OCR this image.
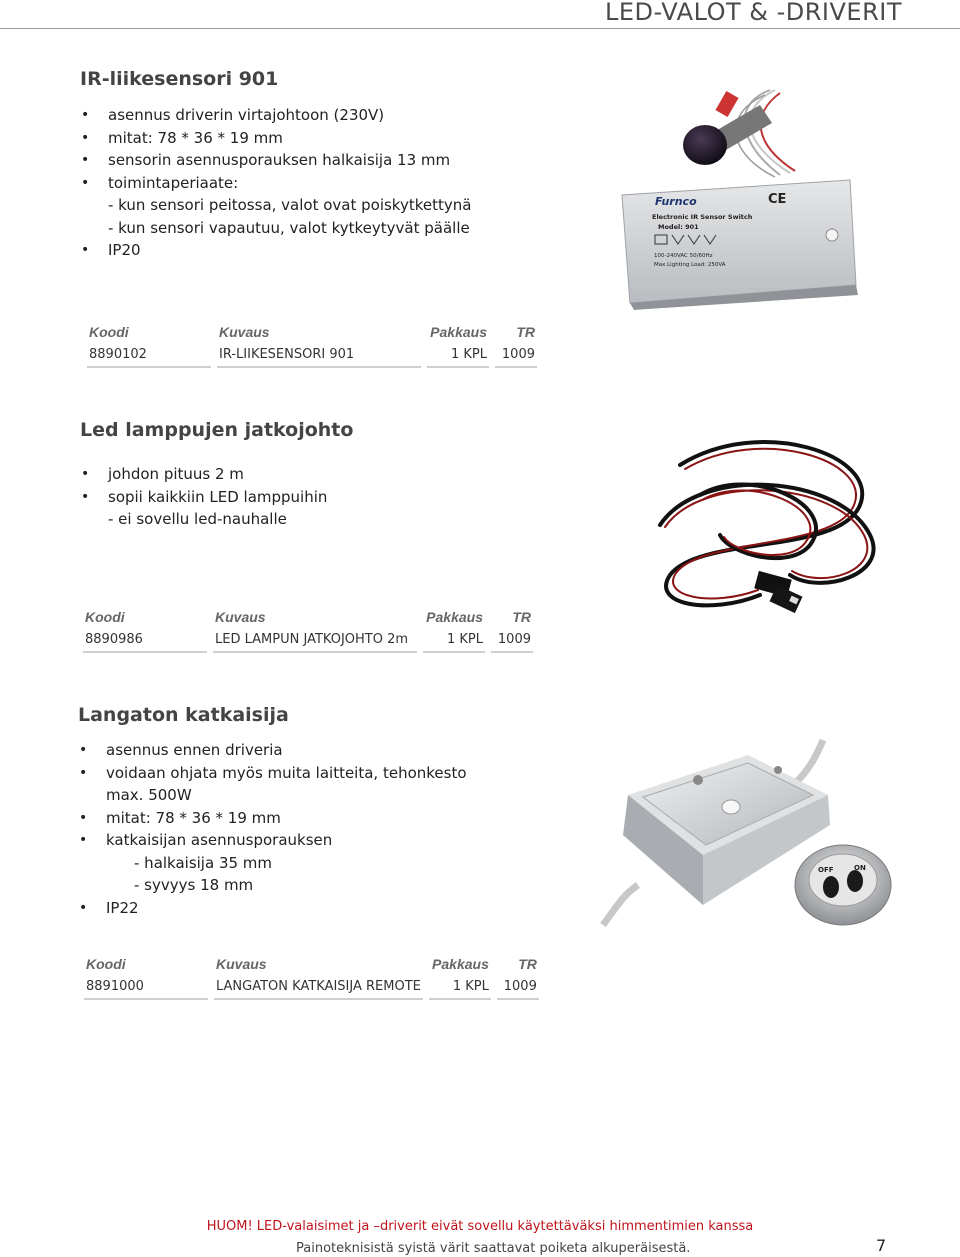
LED-VALOT & -DRIVERIT
IR-liikesensori 901
• asennus driverin virtajohtoon (230V)
• mitat: 78 * 36 * 19 mm
• sensorin asennusporauksen halkaisija 13 mm
• toimintaperiaate:
- kun sensori peitossa, valot ovat poiskytkettynä
- kun sensori vapautuu, valot kytkeytyvät päälle
• IP20
Koodi	Kuvaus	Pakkaus	TR
8890102	IR-LIIKESENSORI 901	1 KPL	1009
Furnco
Electronic IR Sensor Switch
Model: 901
100-240VAC 50/60Hz
Max.Lighting Load: 250VA
CE
Led lamppujen jatkojohto
• johdon pituus 2 m
• sopii kaikkiin LED lamppuihin
- ei sovellu led-nauhalle
Koodi	Kuvaus	Pakkaus	TR
8890986	LED LAMPUN JATKOJOHTO 2m	1 KPL	1009
Langaton katkaisija
• asennus ennen driveria
• voidaan ohjata myös muita laitteita, tehonkesto
max. 500W
• mitat: 78 * 36 * 19 mm
• katkaisijan asennusporauksen
- halkaisija 35 mm
- syvyys 18 mm
• IP22
Koodi	Kuvaus	Pakkaus	TR
8891000	LANGATON KATKAISIJA REMOTE	1 KPL	1009
OFF	ON
HUOM! LED-valaisimet ja –driverit eivät sovellu käytettäväksi himmentimien kanssa
Painoteknisistä syistä värit saattavat poiketa alkuperäisestä.	7
